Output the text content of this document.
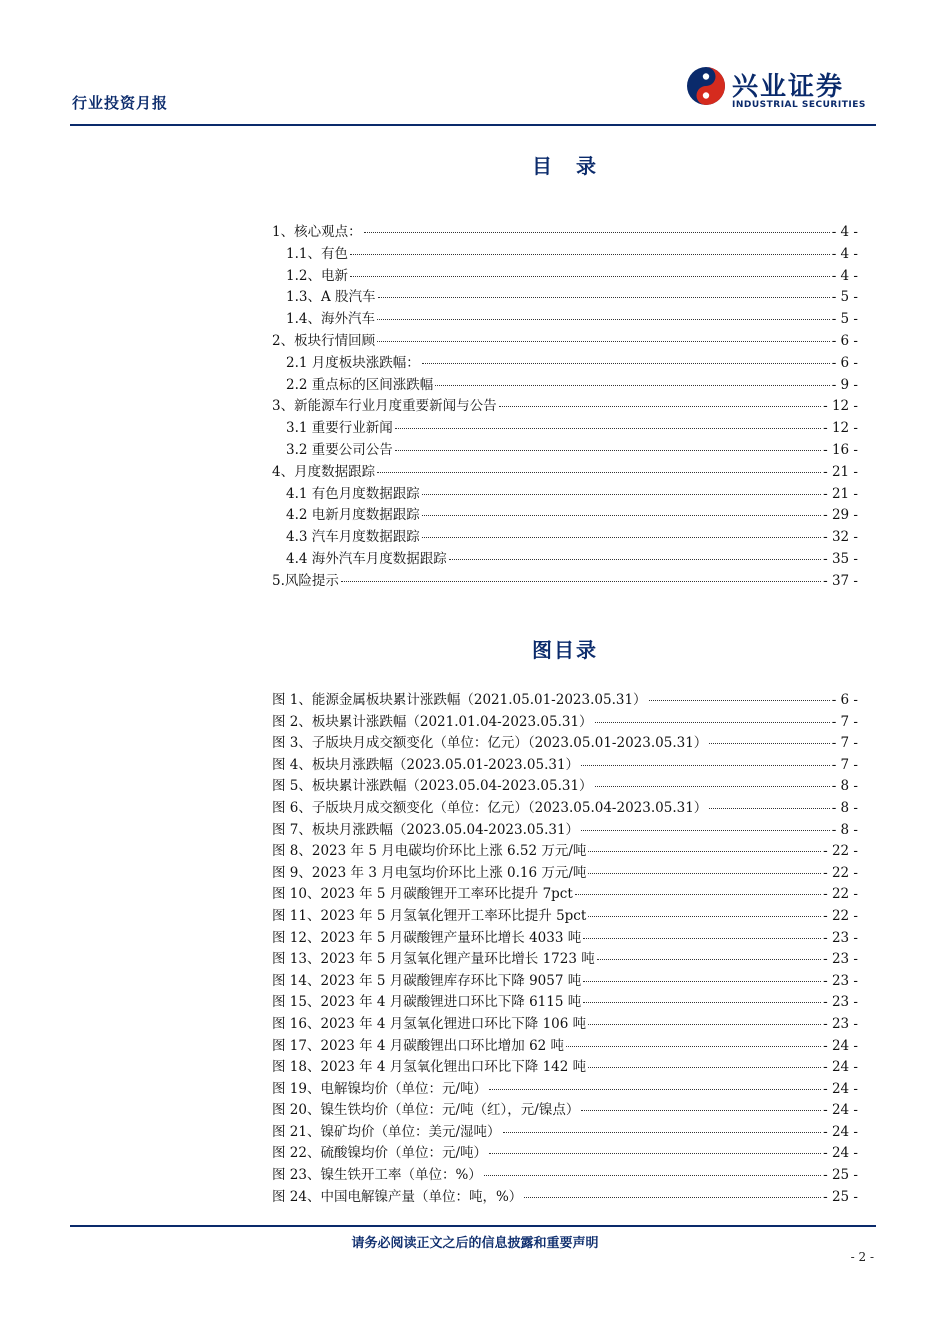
行业投资月报
兴业证券
INDUSTRIAL SECURITIES
目　录
1、核心观点：	- 4 -
1.1、有色	- 4 -
1.2、电新	- 4 -
1.3、A 股汽车	- 5 -
1.4、海外汽车	- 5 -
2、板块行情回顾	- 6 -
2.1 月度板块涨跌幅：	- 6 -
2.2 重点标的区间涨跌幅	- 9 -
3、新能源车行业月度重要新闻与公告	- 12 -
3.1 重要行业新闻	- 12 -
3.2 重要公司公告	- 16 -
4、月度数据跟踪	- 21 -
4.1 有色月度数据跟踪	- 21 -
4.2 电新月度数据跟踪	- 29 -
4.3 汽车月度数据跟踪	- 32 -
4.4 海外汽车月度数据跟踪	- 35 -
5.风险提示	- 37 -
图目录
图 1、能源金属板块累计涨跌幅（2021.05.01-2023.05.31）	- 6 -
图 2、板块累计涨跌幅（2021.01.04-2023.05.31）	- 7 -
图 3、子版块月成交额变化（单位：亿元）（2023.05.01-2023.05.31）	- 7 -
图 4、板块月涨跌幅（2023.05.01-2023.05.31）	- 7 -
图 5、板块累计涨跌幅（2023.05.04-2023.05.31）	- 8 -
图 6、子版块月成交额变化（单位：亿元）（2023.05.04-2023.05.31）	- 8 -
图 7、板块月涨跌幅（2023.05.04-2023.05.31）	- 8 -
图 8、2023 年 5 月电碳均价环比上涨 6.52 万元/吨	- 22 -
图 9、2023 年 3 月电氢均价环比上涨 0.16 万元/吨	- 22 -
图 10、2023 年 5 月碳酸锂开工率环比提升 7pct	- 22 -
图 11、2023 年 5 月氢氧化锂开工率环比提升 5pct	- 22 -
图 12、2023 年 5 月碳酸锂产量环比增长 4033 吨	- 23 -
图 13、2023 年 5 月氢氧化锂产量环比增长 1723 吨	- 23 -
图 14、2023 年 5 月碳酸锂库存环比下降 9057 吨	- 23 -
图 15、2023 年 4 月碳酸锂进口环比下降 6115 吨	- 23 -
图 16、2023 年 4 月氢氧化锂进口环比下降 106 吨	- 23 -
图 17、2023 年 4 月碳酸锂出口环比增加 62 吨	- 24 -
图 18、2023 年 4 月氢氧化锂出口环比下降 142 吨	- 24 -
图 19、电解镍均价（单位：元/吨）	- 24 -
图 20、镍生铁均价（单位：元/吨（红），元/镍点）	- 24 -
图 21、镍矿均价（单位：美元/湿吨）	- 24 -
图 22、硫酸镍均价（单位：元/吨）	- 24 -
图 23、镍生铁开工率（单位：%）	- 25 -
图 24、中国电解镍产量（单位：吨，%）	- 25 -
请务必阅读正文之后的信息披露和重要声明
- 2 -
